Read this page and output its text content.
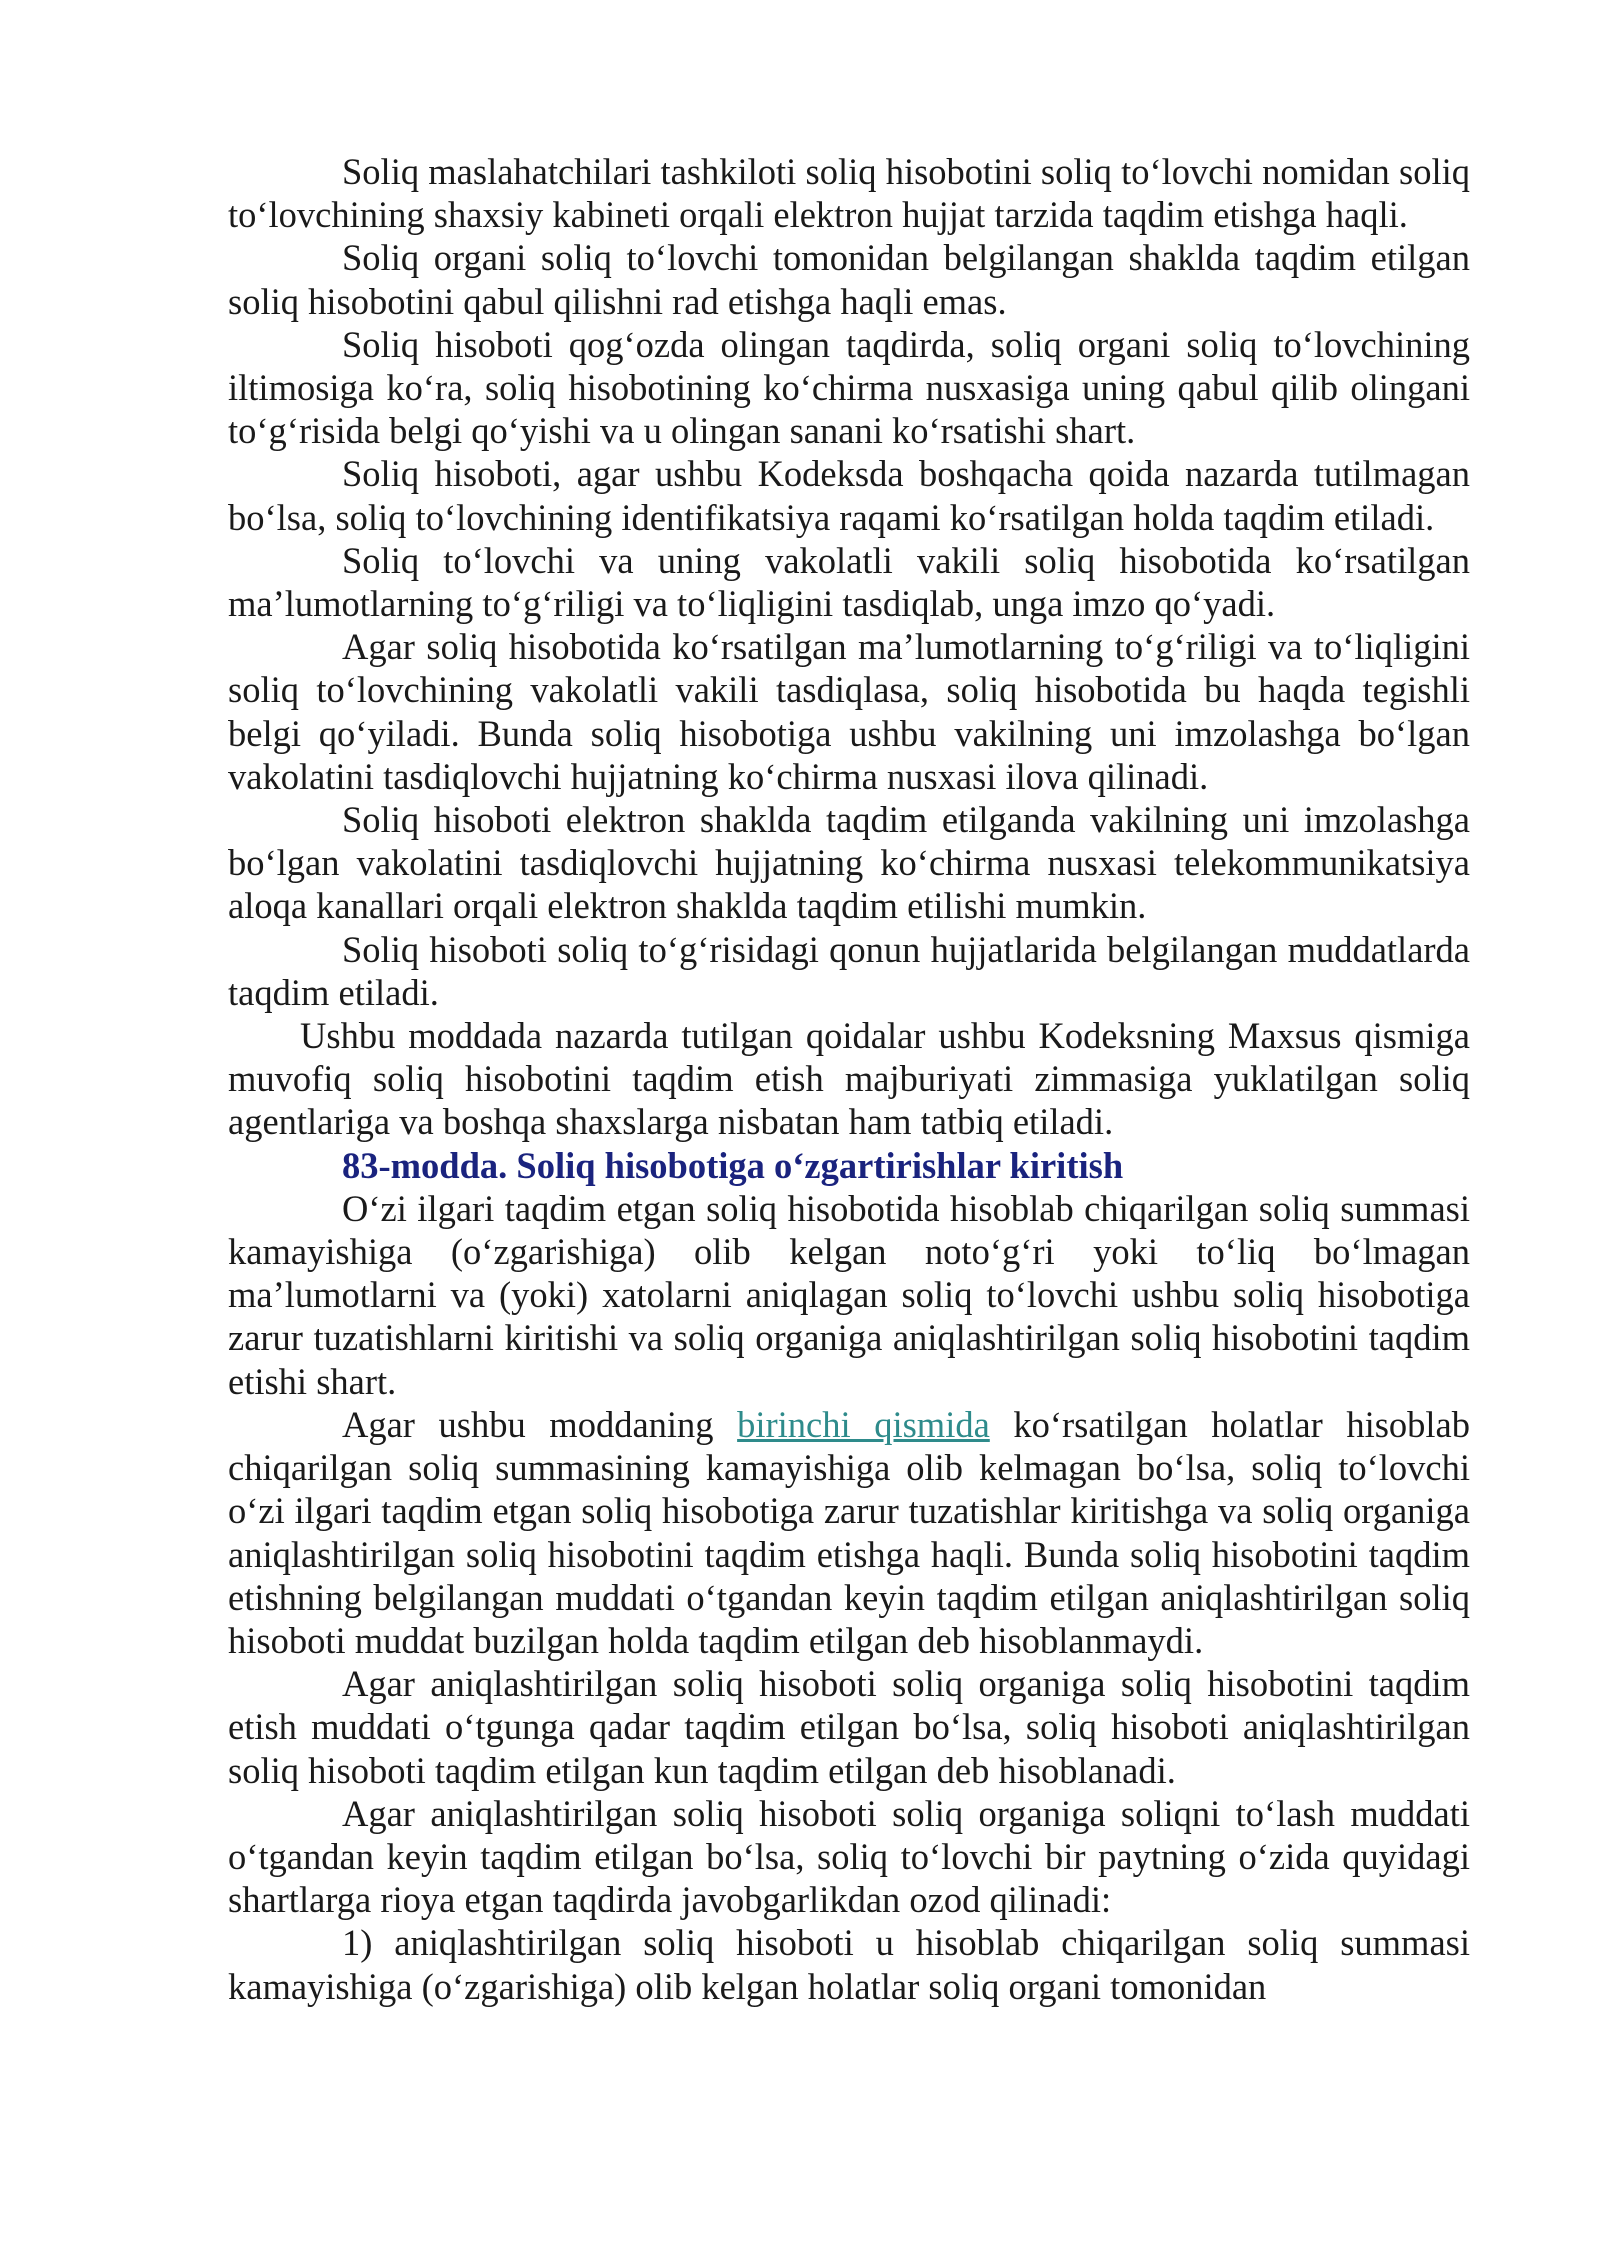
Soliq maslahatchilari tashkiloti soliq hisobotini soliq to‘lovchi nomidan soliq to‘lovchining shaxsiy kabineti orqali elektron hujjat tarzida taqdim etishga haqli.

Soliq organi soliq to‘lovchi tomonidan belgilangan shaklda taqdim etilgan soliq hisobotini qabul qilishni rad etishga haqli emas.

Soliq hisoboti qog‘ozda olingan taqdirda, soliq organi soliq to‘lovchining iltimosiga ko‘ra, soliq hisobotining ko‘chirma nusxasiga uning qabul qilib olingani to‘g‘risida belgi qo‘yishi va u olingan sanani ko‘rsatishi shart.

Soliq hisoboti, agar ushbu Kodeksda boshqacha qoida nazarda tutilmagan bo‘lsa, soliq to‘lovchining identifikatsiya raqami ko‘rsatilgan holda taqdim etiladi.

Soliq to‘lovchi va uning vakolatli vakili soliq hisobotida ko‘rsatilgan ma’lumotlarning to‘g‘riligi va to‘liqligini tasdiqlab, unga imzo qo‘yadi.

Agar soliq hisobotida ko‘rsatilgan ma’lumotlarning to‘g‘riligi va to‘liqligini soliq to‘lovchining vakolatli vakili tasdiqlasa, soliq hisobotida bu haqda tegishli belgi qo‘yiladi. Bunda soliq hisobotiga ushbu vakilning uni imzolashga bo‘lgan vakolatini tasdiqlovchi hujjatning ko‘chirma nusxasi ilova qilinadi.

Soliq hisoboti elektron shaklda taqdim etilganda vakilning uni imzolashga bo‘lgan vakolatini tasdiqlovchi hujjatning ko‘chirma nusxasi telekommunikatsiya aloqa kanallari orqali elektron shaklda taqdim etilishi mumkin.

Soliq hisoboti soliq to‘g‘risidagi qonun hujjatlarida belgilangan muddatlarda taqdim etiladi.

Ushbu moddada nazarda tutilgan qoidalar ushbu Kodeksning Maxsus qismiga muvofiq soliq hisobotini taqdim etish majburiyati zimmasiga yuklatilgan soliq agentlariga va boshqa shaxslarga nisbatan ham tatbiq etiladi.

83-modda. Soliq hisobotiga o‘zgartirishlar kiritish

O‘zi ilgari taqdim etgan soliq hisobotida hisoblab chiqarilgan soliq summasi kamayishiga (o‘zgarishiga) olib kelgan noto‘g‘ri yoki to‘liq bo‘lmagan ma’lumotlarni va (yoki) xatolarni aniqlagan soliq to‘lovchi ushbu soliq hisobotiga zarur tuzatishlarni kiritishi va soliq organiga aniqlashtirilgan soliq hisobotini taqdim etishi shart.

Agar ushbu moddaning birinchi qismida ko‘rsatilgan holatlar hisoblab chiqarilgan soliq summasining kamayishiga olib kelmagan bo‘lsa, soliq to‘lovchi o‘zi ilgari taqdim etgan soliq hisobotiga zarur tuzatishlar kiritishga va soliq organiga aniqlashtirilgan soliq hisobotini taqdim etishga haqli. Bunda soliq hisobotini taqdim etishning belgilangan muddati o‘tgandan keyin taqdim etilgan aniqlashtirilgan soliq hisoboti muddat buzilgan holda taqdim etilgan deb hisoblanmaydi.

Agar aniqlashtirilgan soliq hisoboti soliq organiga soliq hisobotini taqdim etish muddati o‘tgunga qadar taqdim etilgan bo‘lsa, soliq hisoboti aniqlashtirilgan soliq hisoboti taqdim etilgan kun taqdim etilgan deb hisoblanadi.

Agar aniqlashtirilgan soliq hisoboti soliq organiga soliqni to‘lash muddati o‘tgandan keyin taqdim etilgan bo‘lsa, soliq to‘lovchi bir paytning o‘zida quyidagi shartlarga rioya etgan taqdirda javobgarlikdan ozod qilinadi:

1) aniqlashtirilgan soliq hisoboti u hisoblab chiqarilgan soliq summasi kamayishiga (o‘zgarishiga) olib kelgan holatlar soliq organi tomonidan
